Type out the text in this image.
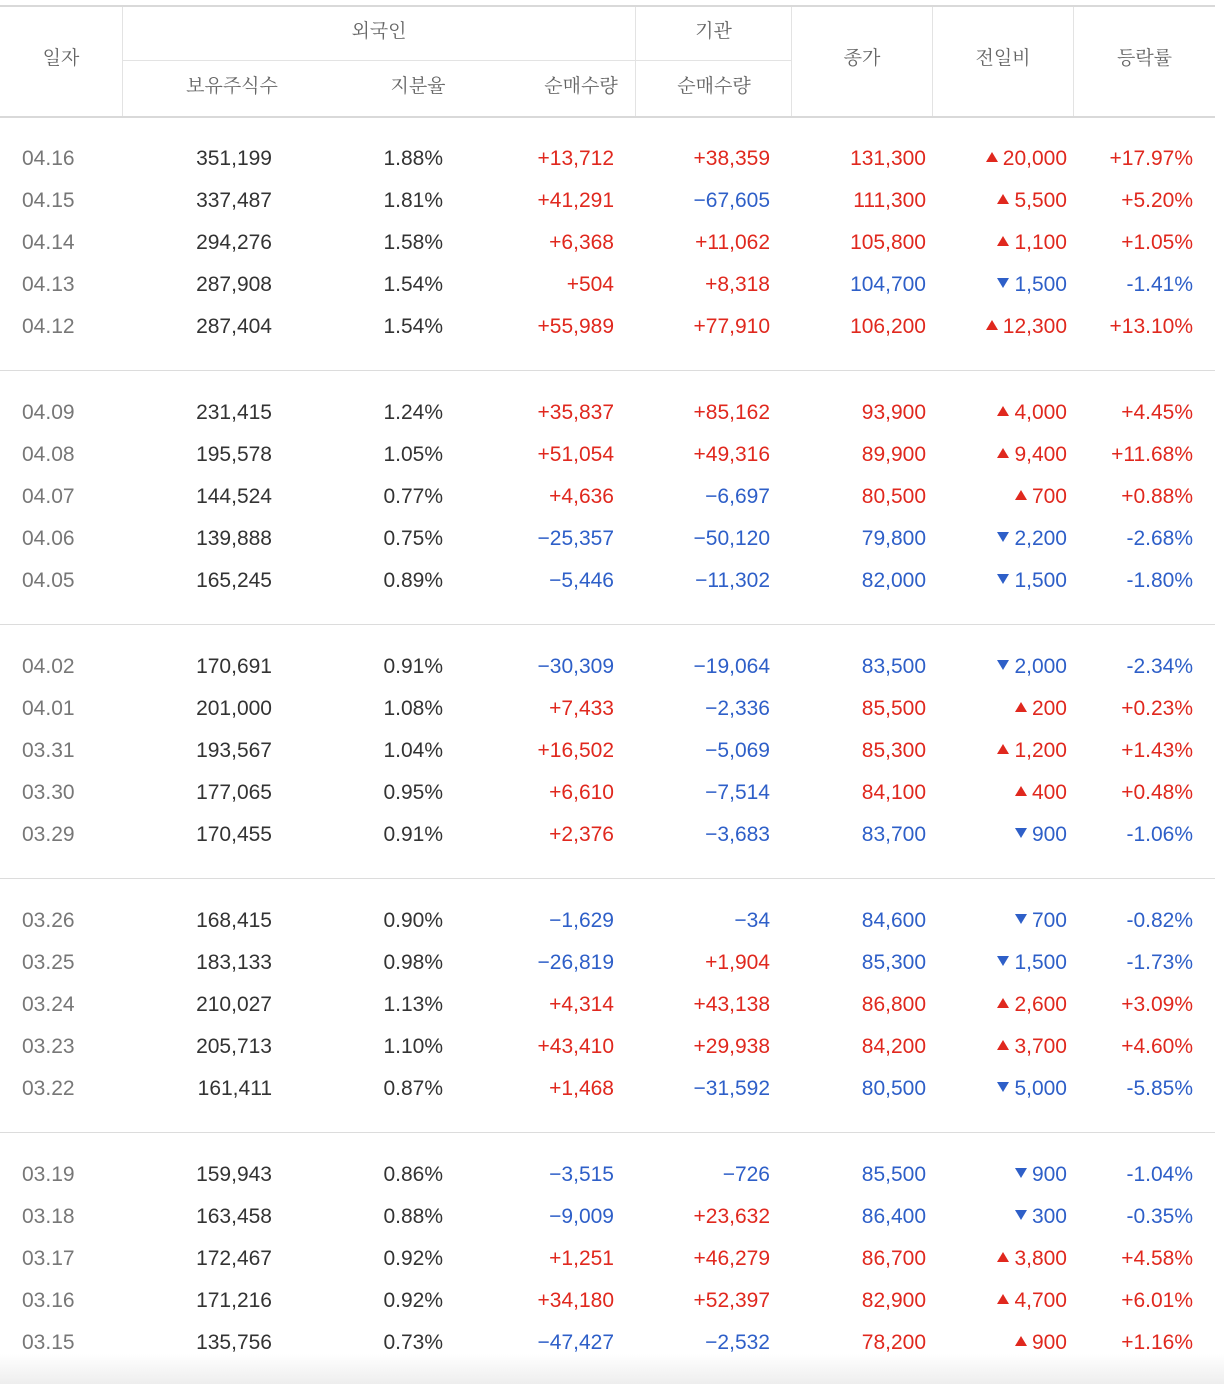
일자
외국인	기관
보유주식수	지분율	순매수량	순매수량
종가	전일비	등락률
04.16	351,199	1.88%	+13,712	+38,359	131,300	20,000 +17.97%
04.15	337,487	1.81%	+41,291	−67,605	111,300	5,500	+5.20%
04.14	294,276	1.58%	+6,368	+11,062	105,800	1,100	+1.05%
04.13	287,908	1.54%	+504	+8,318	104,700	1,500	-1.41%
04.12	287,404	1.54%	+55,989	+77,910	106,200	12,300 +13.10%
04.09	231,415	1.24%	+35,837	+85,162	93,900	4,000	+4.45%
04.08	195,578	1.05%	+51,054	+49,316	89,900	9,400 +11.68%
04.07	144,524	0.77%	+4,636	−6,697	80,500	700	+0.88%
04.06	139,888	0.75%	−25,357	−50,120	79,800	2,200	-2.68%
04.05	165,245	0.89%	−5,446	−11,302	82,000	1,500	-1.80%
04.02	170,691	0.91%	−30,309	−19,064	83,500	2,000	-2.34%
04.01	201,000	1.08%	+7,433	−2,336	85,500	200	+0.23%
03.31	193,567	1.04%	+16,502	−5,069	85,300	1,200	+1.43%
03.30	177,065	0.95%	+6,610	−7,514	84,100	400	+0.48%
03.29	170,455	0.91%	+2,376	−3,683	83,700	900	-1.06%
03.26	168,415	0.90%	−1,629	−34	84,600	700	-0.82%
03.25	183,133	0.98%	−26,819	+1,904	85,300	1,500	-1.73%
03.24	210,027	1.13%	+4,314	+43,138	86,800	2,600	+3.09%
03.23	205,713	1.10%	+43,410	+29,938	84,200	3,700	+4.60%
03.22	161,411	0.87%	+1,468	−31,592	80,500	5,000	-5.85%
03.19	159,943	0.86%	−3,515	−726	85,500	900	-1.04%
03.18	163,458	0.88%	−9,009	+23,632	86,400	300	-0.35%
03.17	172,467	0.92%	+1,251	+46,279	86,700	3,800	+4.58%
03.16	171,216	0.92%	+34,180	+52,397	82,900	4,700	+6.01%
03.15	135,756	0.73%	−47,427	−2,532	78,200	900	+1.16%
